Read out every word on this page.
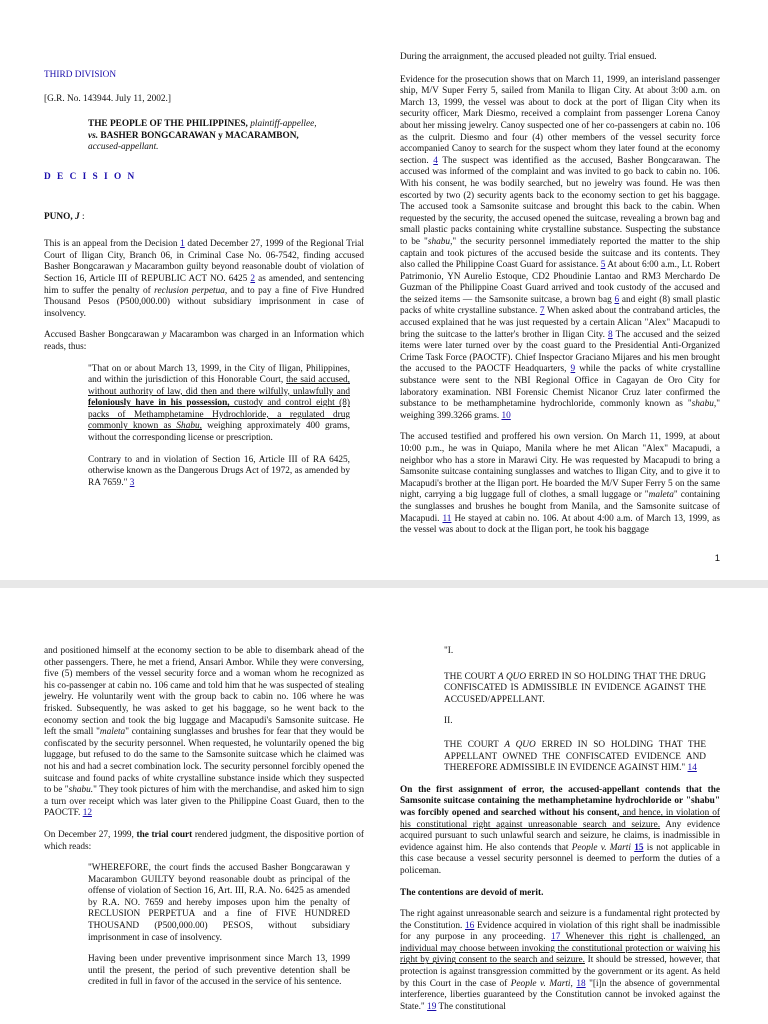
THIRD DIVISION

[G.R. No. 143944. July 11, 2002.]

THE PEOPLE OF THE PHILIPPINES, plaintiff-appellee,
vs. BASHER BONGCARAWAN y MACARAMBON,
accused-appellant.

D E C I S I O N

PUNO, J :

This is an appeal from the Decision 1 dated December 27, 1999 of the Regional Trial Court of Iligan City, Branch 06, in Criminal Case No. 06-7542, finding accused Basher Bongcarawan y Macarambon guilty beyond reasonable doubt of violation of Section 16, Article III of REPUBLIC ACT NO. 6425 2 as amended, and sentencing him to suffer the penalty of reclusion perpetua, and to pay a fine of Five Hundred Thousand Pesos (P500,000.00) without subsidiary imprisonment in case of insolvency.

Accused Basher Bongcarawan y Macarambon was charged in an Information which reads, thus:

"That on or about March 13, 1999, in the City of Iligan, Philippines, and within the jurisdiction of this Honorable Court, the said accused, without authority of law, did then and there wilfully, unlawfully and feloniously have in his possession, custody and control eight (8) packs of Methamphetamine Hydrochloride, a regulated drug commonly known as Shabu, weighing approximately 400 grams, without the corresponding license or prescription.

Contrary to and in violation of Section 16, Article III of RA 6425, otherwise known as the Dangerous Drugs Act of 1972, as amended by RA 7659." 3

During the arraignment, the accused pleaded not guilty. Trial ensued.

Evidence for the prosecution shows that on March 11, 1999, an interisland passenger ship, M/V Super Ferry 5, sailed from Manila to Iligan City. At about 3:00 a.m. on March 13, 1999, the vessel was about to dock at the port of Iligan City when its security officer, Mark Diesmo, received a complaint from passenger Lorena Canoy about her missing jewelry. Canoy suspected one of her co-passengers at cabin no. 106 as the culprit. Diesmo and four (4) other members of the vessel security force accompanied Canoy to search for the suspect whom they later found at the economy section. 4 The suspect was identified as the accused, Basher Bongcarawan. The accused was informed of the complaint and was invited to go back to cabin no. 106. With his consent, he was bodily searched, but no jewelry was found. He was then escorted by two (2) security agents back to the economy section to get his baggage. The accused took a Samsonite suitcase and brought this back to the cabin. When requested by the security, the accused opened the suitcase, revealing a brown bag and small plastic packs containing white crystalline substance. Suspecting the substance to be "shabu," the security personnel immediately reported the matter to the ship captain and took pictures of the accused beside the suitcase and its contents. They also called the Philippine Coast Guard for assistance. 5 At about 6:00 a.m., Lt. Robert Patrimonio, YN Aurelio Estoque, CD2 Phoudinie Lantao and RM3 Merchardo De Guzman of the Philippine Coast Guard arrived and took custody of the accused and the seized items — the Samsonite suitcase, a brown bag 6 and eight (8) small plastic packs of white crystalline substance. 7 When asked about the contraband articles, the accused explained that he was just requested by a certain Alican "Alex" Macapudi to bring the suitcase to the latter's brother in Iligan City. 8 The accused and the seized items were later turned over by the coast guard to the Presidential Anti-Organized Crime Task Force (PAOCTF). Chief Inspector Graciano Mijares and his men brought the accused to the PAOCTF Headquarters, 9 while the packs of white crystalline substance were sent to the NBI Regional Office in Cagayan de Oro City for laboratory examination. NBI Forensic Chemist Nicanor Cruz later confirmed the substance to be methamphetamine hydrochloride, commonly known as "shabu," weighing 399.3266 grams. 10

The accused testified and proffered his own version. On March 11, 1999, at about 10:00 p.m., he was in Quiapo, Manila where he met Alican "Alex" Macapudi, a neighbor who has a store in Marawi City. He was requested by Macapudi to bring a Samsonite suitcase containing sunglasses and watches to Iligan City, and to give it to Macapudi's brother at the Iligan port. He boarded the M/V Super Ferry 5 on the same night, carrying a big luggage full of clothes, a small luggage or "maleta" containing the sunglasses and brushes he bought from Manila, and the Samsonite suitcase of Macapudi. 11 He stayed at cabin no. 106. At about 4:00 a.m. of March 13, 1999, as the vessel was about to dock at the Iligan port, he took his baggage

1

and positioned himself at the economy section to be able to disembark ahead of the other passengers. There, he met a friend, Ansari Ambor. While they were conversing, five (5) members of the vessel security force and a woman whom he recognized as his co-passenger at cabin no. 106 came and told him that he was suspected of stealing jewelry. He voluntarily went with the group back to cabin no. 106 where he was frisked. Subsequently, he was asked to get his baggage, so he went back to the economy section and took the big luggage and Macapudi's Samsonite suitcase. He left the small "maleta" containing sunglasses and brushes for fear that they would be confiscated by the security personnel. When requested, he voluntarily opened the big luggage, but refused to do the same to the Samsonite suitcase which he claimed was not his and had a secret combination lock. The security personnel forcibly opened the suitcase and found packs of white crystalline substance inside which they suspected to be "shabu." They took pictures of him with the merchandise, and asked him to sign a turn over receipt which was later given to the Philippine Coast Guard, then to the PAOCTF. 12

On December 27, 1999, the trial court rendered judgment, the dispositive portion of which reads:

"WHEREFORE, the court finds the accused Basher Bongcarawan y Macarambon GUILTY beyond reasonable doubt as principal of the offense of violation of Section 16, Art. III, R.A. No. 6425 as amended by R.A. NO. 7659 and hereby imposes upon him the penalty of RECLUSION PERPETUA and a fine of FIVE HUNDRED THOUSAND (P500,000.00) PESOS, without subsidiary imprisonment in case of insolvency.

Having been under preventive imprisonment since March 13, 1999 until the present, the period of such preventive detention shall be credited in full in favor of the accused in the service of his sentence.

"I.

THE COURT A QUO ERRED IN SO HOLDING THAT THE DRUG CONFISCATED IS ADMISSIBLE IN EVIDENCE AGAINST THE ACCUSED/APPELLANT.

II.

THE COURT A QUO ERRED IN SO HOLDING THAT THE APPELLANT OWNED THE CONFISCATED EVIDENCE AND THEREFORE ADMISSIBLE IN EVIDENCE AGAINST HIM." 14

On the first assignment of error, the accused-appellant contends that the Samsonite suitcase containing the methamphetamine hydrochloride or "shabu" was forcibly opened and searched without his consent, and hence, in violation of his constitutional right against unreasonable search and seizure. Any evidence acquired pursuant to such unlawful search and seizure, he claims, is inadmissible in evidence against him. He also contends that People v. Marti 15 is not applicable in this case because a vessel security personnel is deemed to perform the duties of a policeman.

The contentions are devoid of merit.

The right against unreasonable search and seizure is a fundamental right protected by the Constitution. 16 Evidence acquired in violation of this right shall be inadmissible for any purpose in any proceeding. 17 Whenever this right is challenged, an individual may choose between invoking the constitutional protection or waiving his right by giving consent to the search and seizure. It should be stressed, however, that protection is against transgression committed by the government or its agent. As held by this Court in the case of People v. Marti, 18 "[i]n the absence of governmental interference, liberties guaranteed by the Constitution cannot be invoked against the State." 19 The constitutional
